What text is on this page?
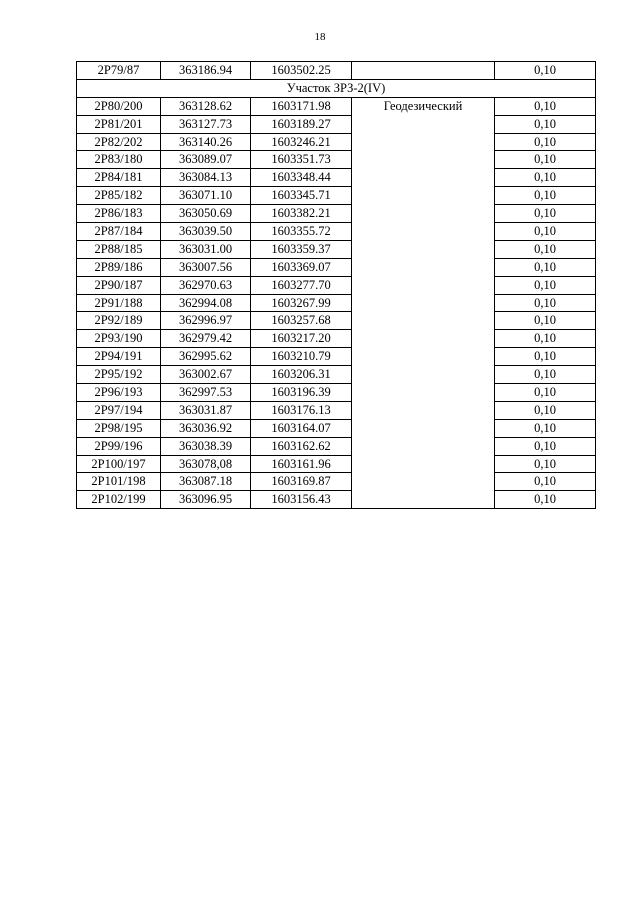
18
2Р79/87	363186.94	1603502.25		0,10
Участок ЗРЗ-2(IV)				
2Р80/200	363128.62	1603171.98	Геодезический	0,10
2Р81/201	363127.73	1603189.27		0,10
2Р82/202	363140.26	1603246.21		0,10
2Р83/180	363089.07	1603351.73		0,10
2Р84/181	363084.13	1603348.44		0,10
2Р85/182	363071.10	1603345.71		0,10
2Р86/183	363050.69	1603382.21		0,10
2Р87/184	363039.50	1603355.72		0,10
2Р88/185	363031.00	1603359.37		0,10
2Р89/186	363007.56	1603369.07		0,10
2Р90/187	362970.63	1603277.70		0,10
2Р91/188	362994.08	1603267.99		0,10
2Р92/189	362996.97	1603257.68		0,10
2Р93/190	362979.42	1603217.20		0,10
2Р94/191	362995.62	1603210.79		0,10
2Р95/192	363002.67	1603206.31		0,10
2Р96/193	362997.53	1603196.39		0,10
2Р97/194	363031.87	1603176.13		0,10
2Р98/195	363036.92	1603164.07		0,10
2Р99/196	363038.39	1603162.62		0,10
2Р100/197	363078,08	1603161.96		0,10
2Р101/198	363087.18	1603169.87		0,10
2Р102/199	363096.95	1603156.43		0,10
